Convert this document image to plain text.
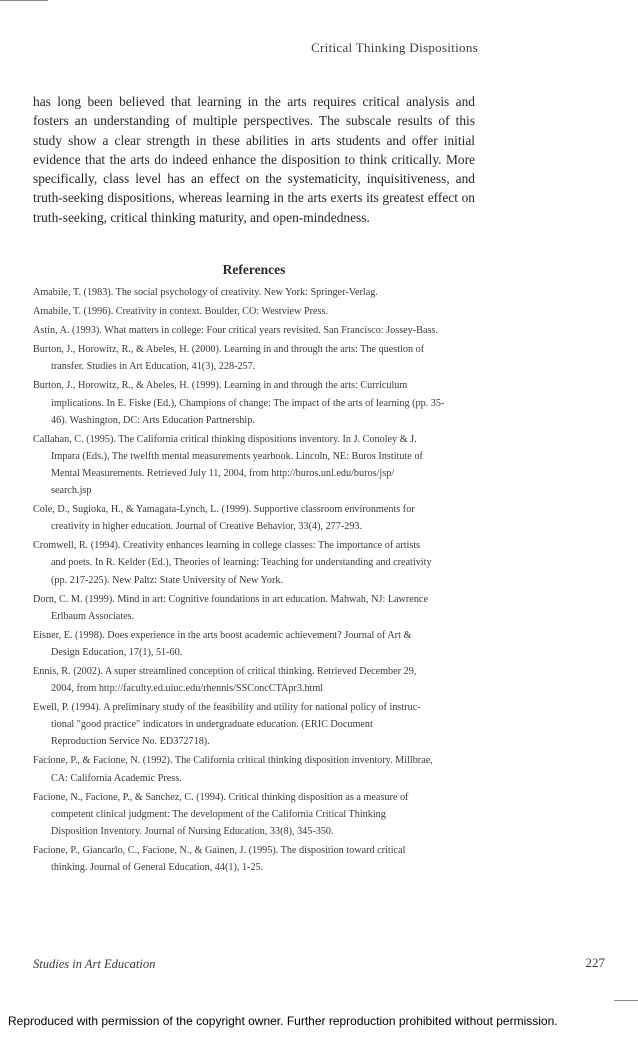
Critical Thinking Dispositions

has long been believed that learning in the arts requires critical analysis and fosters an understanding of multiple perspectives. The subscale results of this study show a clear strength in these abilities in arts students and offer initial evidence that the arts do indeed enhance the disposition to think critically. More specifically, class level has an effect on the systematicity, inquisitiveness, and truth-seeking dispositions, whereas learning in the arts exerts its greatest effect on truth-seeking, critical thinking maturity, and open-mindedness.

References
Amabile, T. (1983). The social psychology of creativity. New York: Springer-Verlag.
Amabile, T. (1996). Creativity in context. Boulder, CO: Westview Press.
Astin, A. (1993). What matters in college: Four critical years revisited. San Francisco: Jossey-Bass.
Burton, J., Horowitz, R., & Abeles, H. (2000). Learning in and through the arts: The question of
transfer. Studies in Art Education, 41(3), 228-257.
Burton, J., Horowitz, R., & Abeles, H. (1999). Learning in and through the arts: Curriculum
implications. In E. Fiske (Ed.), Champions of change: The impact of the arts of learning (pp. 35-
46). Washington, DC: Arts Education Partnership.
Callahan, C. (1995). The California critical thinking dispositions inventory. In J. Conoley & J.
Impara (Eds.), The twelfth mental measurements yearbook. Lincoln, NE: Buros Institute of
Mental Measurements. Retrieved July 11, 2004, from http://buros.unl.edu/buros/jsp/
search.jsp
Cole, D., Sugioka, H., & Yamagata-Lynch, L. (1999). Supportive classroom environments for
creativity in higher education. Journal of Creative Behavior, 33(4), 277-293.
Cromwell, R. (1994). Creativity enhances learning in college classes: The importance of artists
and poets. In R. Kelder (Ed.), Theories of learning: Teaching for understanding and creativity
(pp. 217-225). New Paltz: State University of New York.
Dorn, C. M. (1999). Mind in art: Cognitive foundations in art education. Mahwah, NJ: Lawrence
Erlbaum Associates.
Eisner, E. (1998). Does experience in the arts boost academic achievement? Journal of Art &
Design Education, 17(1), 51-60.
Ennis, R. (2002). A super streamlined conception of critical thinking. Retrieved December 29,
2004, from http://faculty.ed.uiuc.edu/rhennis/SSConcCTApr3.html
Ewell, P. (1994). A preliminary study of the feasibility and utility for national policy of instruc-
tional "good practice" indicators in undergraduate education. (ERIC Document
Reproduction Service No. ED372718).
Facione, P., & Facione, N. (1992). The California critical thinking disposition inventory. Millbrae,
CA: California Academic Press.
Facione, N., Facione, P., & Sanchez, C. (1994). Critical thinking disposition as a measure of
competent clinical judgment: The development of the California Critical Thinking
Disposition Inventory. Journal of Nursing Education, 33(8), 345-350.
Facione, P., Giancarlo, C., Facione, N., & Gainen, J. (1995). The disposition toward critical
thinking. Journal of General Education, 44(1), 1-25.
Studies in Art Education	227
Reproduced with permission of the copyright owner. Further reproduction prohibited without permission.
